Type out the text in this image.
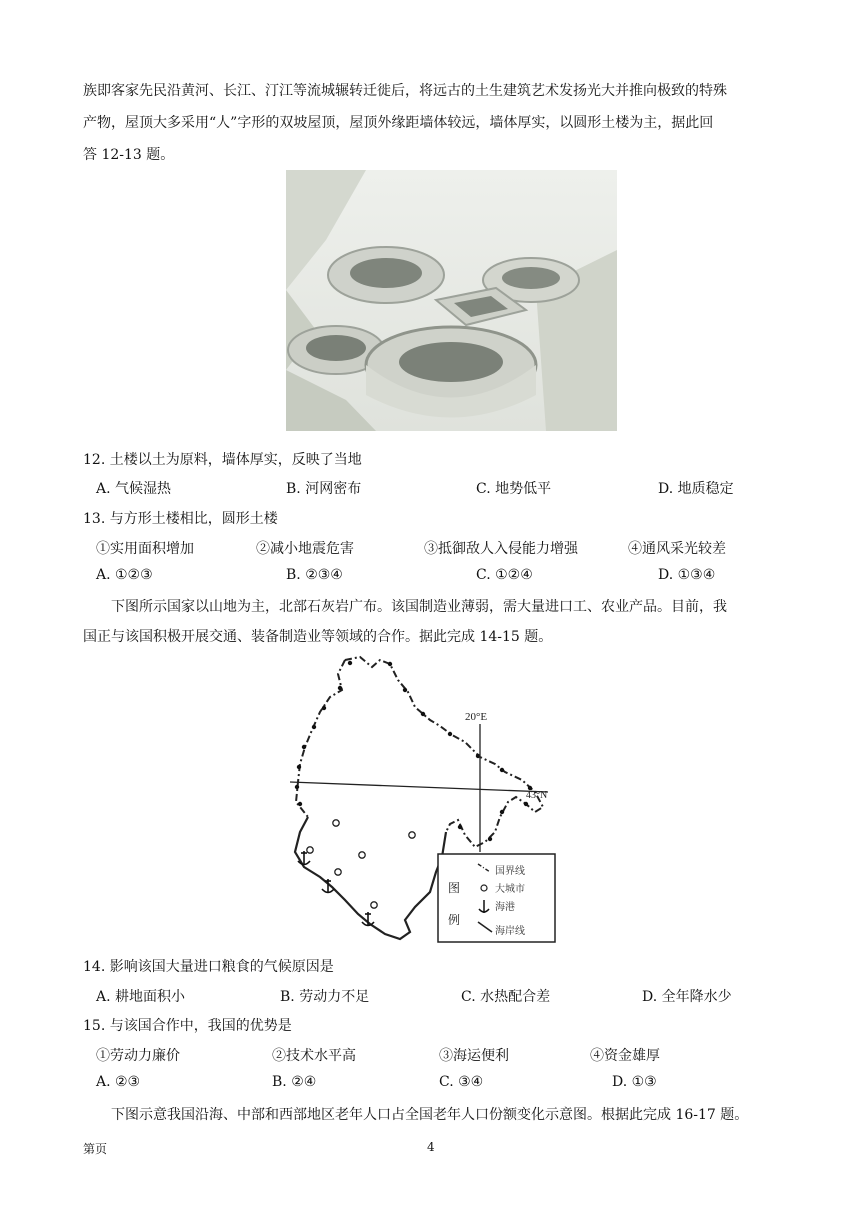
族即客家先民沿黄河、长江、汀江等流城辗转迁徙后，将远古的土生建筑艺术发扬光大并推向极致的特殊
产物，屋顶大多采用“人”字形的双坡屋顶，屋顶外缘距墙体较远，墙体厚实，以圆形土楼为主，据此回
答 12-13 题。
12. 土楼以土为原料，墙体厚实，反映了当地
A. 气候湿热	B. 河网密布	C. 地势低平	D. 地质稳定
13. 与方形土楼相比，圆形土楼
①实用面积增加	②减小地震危害	③抵御敌人入侵能力增强	④通风采光较差
A. ①②③	B. ②③④	C. ①②④	D. ①③④
下图所示国家以山地为主，北部石灰岩广布。该国制造业薄弱，需大量进口工、农业产品。目前，我
国正与该国积极开展交通、装备制造业等领域的合作。据此完成 14-15 题。
20°E
43°N
图
例
国界线
大城市
海港
海岸线
14. 影响该国大量进口粮食的气候原因是
A. 耕地面积小	B. 劳动力不足	C. 水热配合差	D. 全年降水少
15. 与该国合作中，我国的优势是
①劳动力廉价	②技术水平高	③海运便利	④资金雄厚
A. ②③	B. ②④	C. ③④	D. ①③
下图示意我国沿海、中部和西部地区老年人口占全国老年人口份额变化示意图。根据此完成 16-17 题。
第页	4
